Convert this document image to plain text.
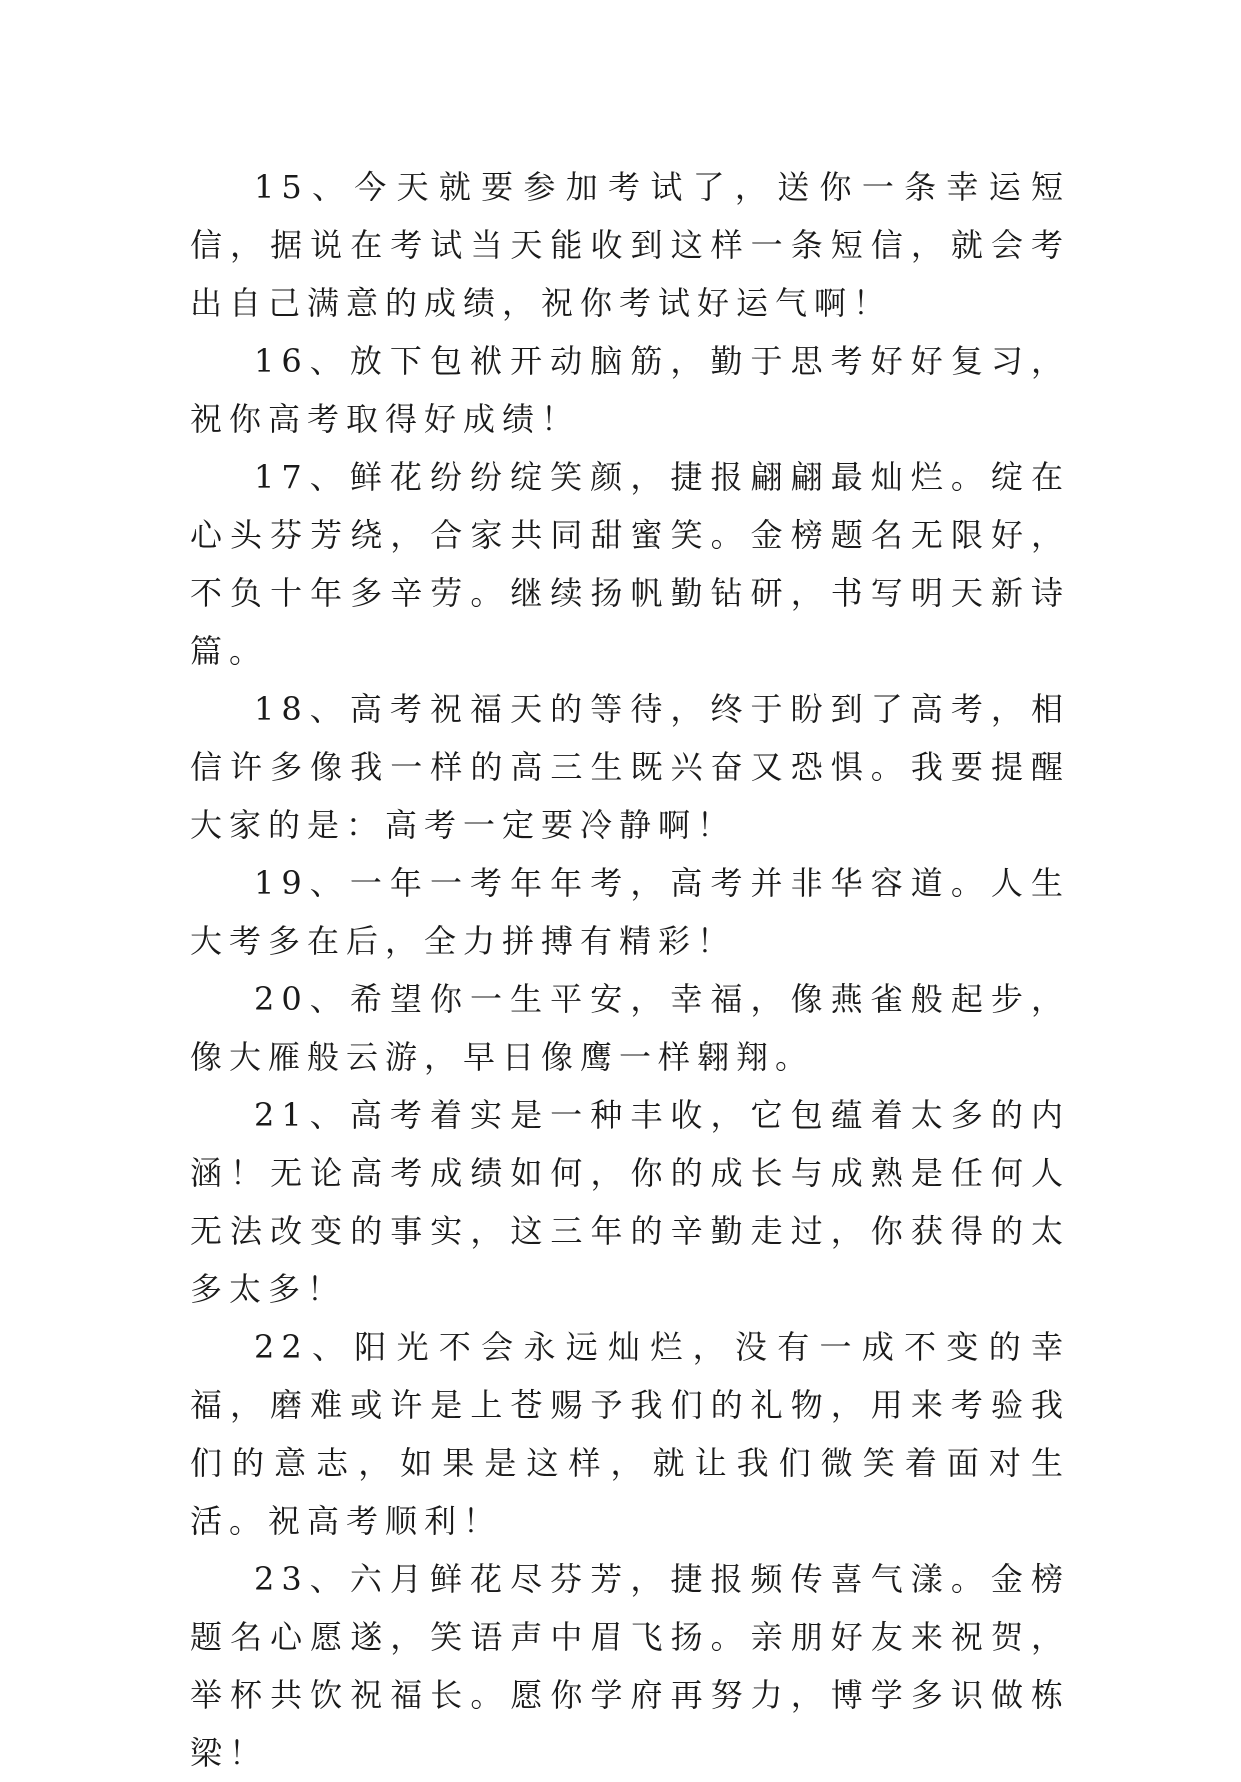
15、今天就要参加考试了，送你一条幸运短信，据说在考试当天能收到这样一条短信，就会考出自己满意的成绩，祝你考试好运气啊！

16、放下包袱开动脑筋，勤于思考好好复习，祝你高考取得好成绩！

17、鲜花纷纷绽笑颜，捷报翩翩最灿烂。绽在心头芬芳绕，合家共同甜蜜笑。金榜题名无限好，不负十年多辛劳。继续扬帆勤钻研，书写明天新诗篇。

18、高考祝福天的等待，终于盼到了高考，相信许多像我一样的高三生既兴奋又恐惧。我要提醒大家的是：高考一定要冷静啊！

19、一年一考年年考，高考并非华容道。人生大考多在后，全力拼搏有精彩！

20、希望你一生平安，幸福，像燕雀般起步，像大雁般云游，早日像鹰一样翱翔。

21、高考着实是一种丰收，它包蕴着太多的内涵！无论高考成绩如何，你的成长与成熟是任何人无法改变的事实，这三年的辛勤走过，你获得的太多太多！

22、阳光不会永远灿烂，没有一成不变的幸福，磨难或许是上苍赐予我们的礼物，用来考验我们的意志，如果是这样，就让我们微笑着面对生活。祝高考顺利！

23、六月鲜花尽芬芳，捷报频传喜气漾。金榜题名心愿遂，笑语声中眉飞扬。亲朋好友来祝贺，举杯共饮祝福长。愿你学府再努力，博学多识做栋梁！
